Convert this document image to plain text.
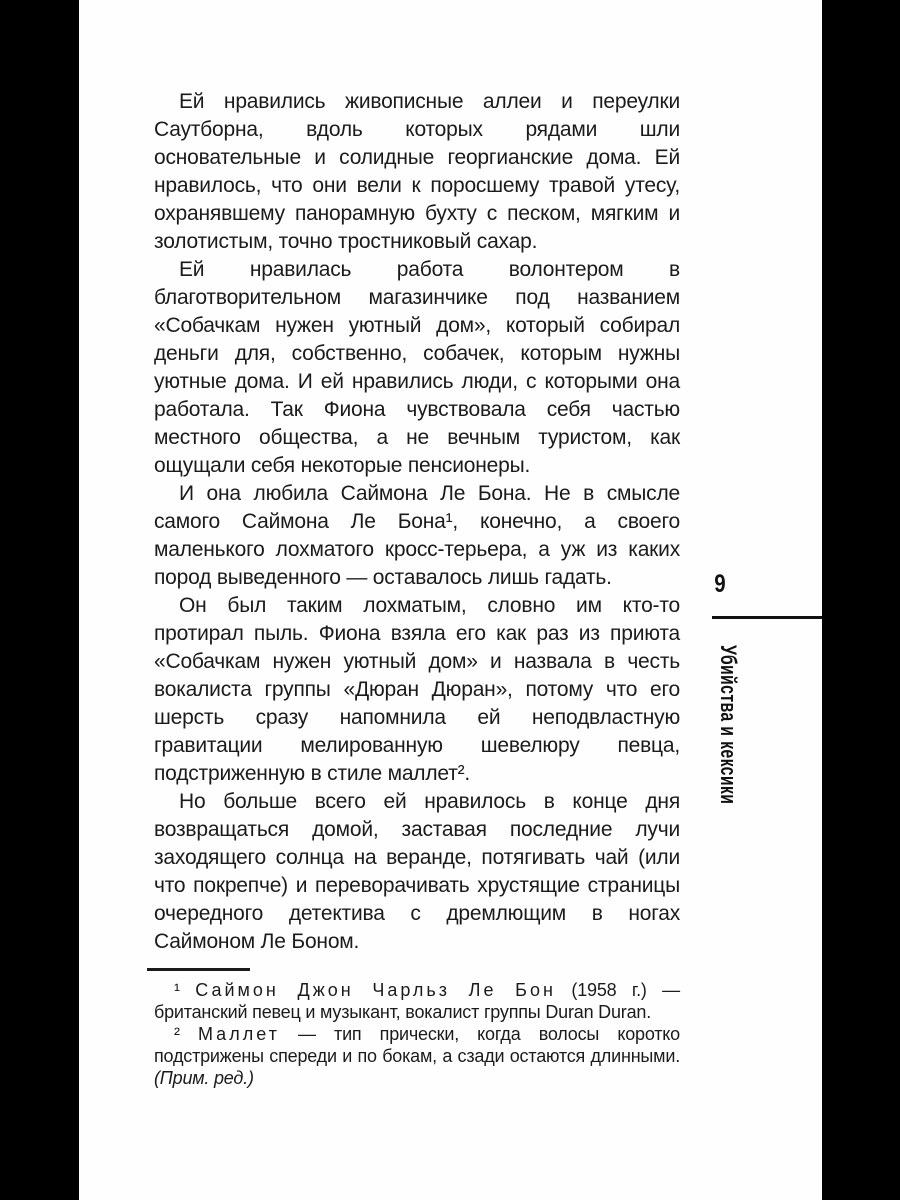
Ей нравились живописные аллеи и переулки Саутборна, вдоль которых рядами шли основательные и солидные георгианские дома. Ей нравилось, что они вели к поросшему травой утесу, охранявшему панорамную бухту с песком, мягким и золотистым, точно тростниковый сахар.

Ей нравилась работа волонтером в благотворительном магазинчике под названием «Собачкам нужен уютный дом», который собирал деньги для, собственно, собачек, которым нужны уютные дома. И ей нравились люди, с которыми она работала. Так Фиона чувствовала себя частью местного общества, а не вечным туристом, как ощущали себя некоторые пенсионеры.

И она любила Саймона Ле Бона. Не в смысле самого Саймона Ле Бона¹, конечно, а своего маленького лохматого кросс-терьера, а уж из каких пород выведенного — оставалось лишь гадать.

Он был таким лохматым, словно им кто-то протирал пыль. Фиона взяла его как раз из приюта «Собачкам нужен уютный дом» и назвала в честь вокалиста группы «Дюран Дюран», потому что его шерсть сразу напомнила ей неподвластную гравитации мелированную шевелюру певца, подстриженную в стиле маллет².

Но больше всего ей нравилось в конце дня возвращаться домой, заставая последние лучи заходящего солнца на веранде, потягивать чай (или что покрепче) и переворачивать хрустящие страницы очередного детектива с дремлющим в ногах Саймоном Ле Боном.

¹ Саймон Джон Чарльз Ле Бон (1958 г.) — британский певец и музыкант, вокалист группы Duran Duran.

² Маллет — тип прически, когда волосы коротко подстрижены спереди и по бокам, а сзади остаются длинными. (Прим. ред.)

9
Убийства и кексики
